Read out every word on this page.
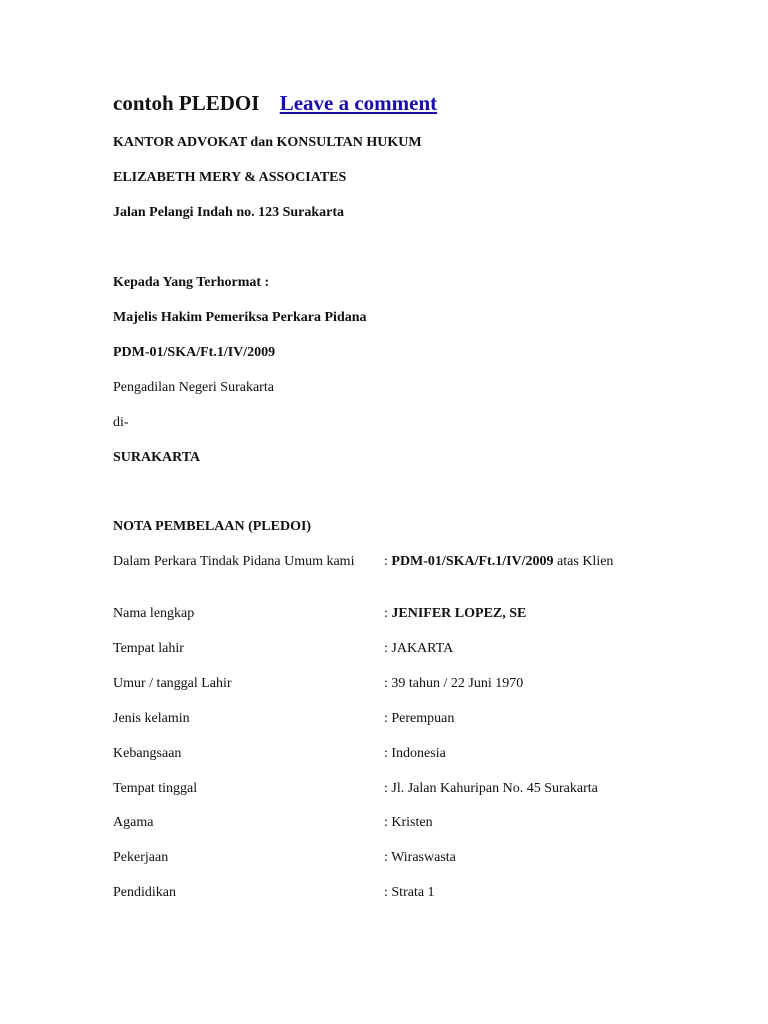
contoh PLEDOI Leave a comment
KANTOR ADVOKAT dan KONSULTAN HUKUM
ELIZABETH MERY & ASSOCIATES
Jalan Pelangi Indah no. 123 Surakarta
Kepada Yang Terhormat :
Majelis Hakim Pemeriksa Perkara Pidana
PDM-01/SKA/Ft.1/IV/2009
Pengadilan Negeri Surakarta
di-
SURAKARTA
NOTA PEMBELAAN (PLEDOI)
Dalam Perkara Tindak Pidana Umum kami	: PDM-01/SKA/Ft.1/IV/2009 atas Klien
Nama lengkap	: JENIFER LOPEZ, SE
Tempat lahir	: JAKARTA
Umur / tanggal Lahir	: 39 tahun / 22 Juni 1970
Jenis kelamin	: Perempuan
Kebangsaan	: Indonesia
Tempat tinggal	: Jl. Jalan Kahuripan No. 45 Surakarta
Agama	: Kristen
Pekerjaan	: Wiraswasta
Pendidikan	: Strata 1
